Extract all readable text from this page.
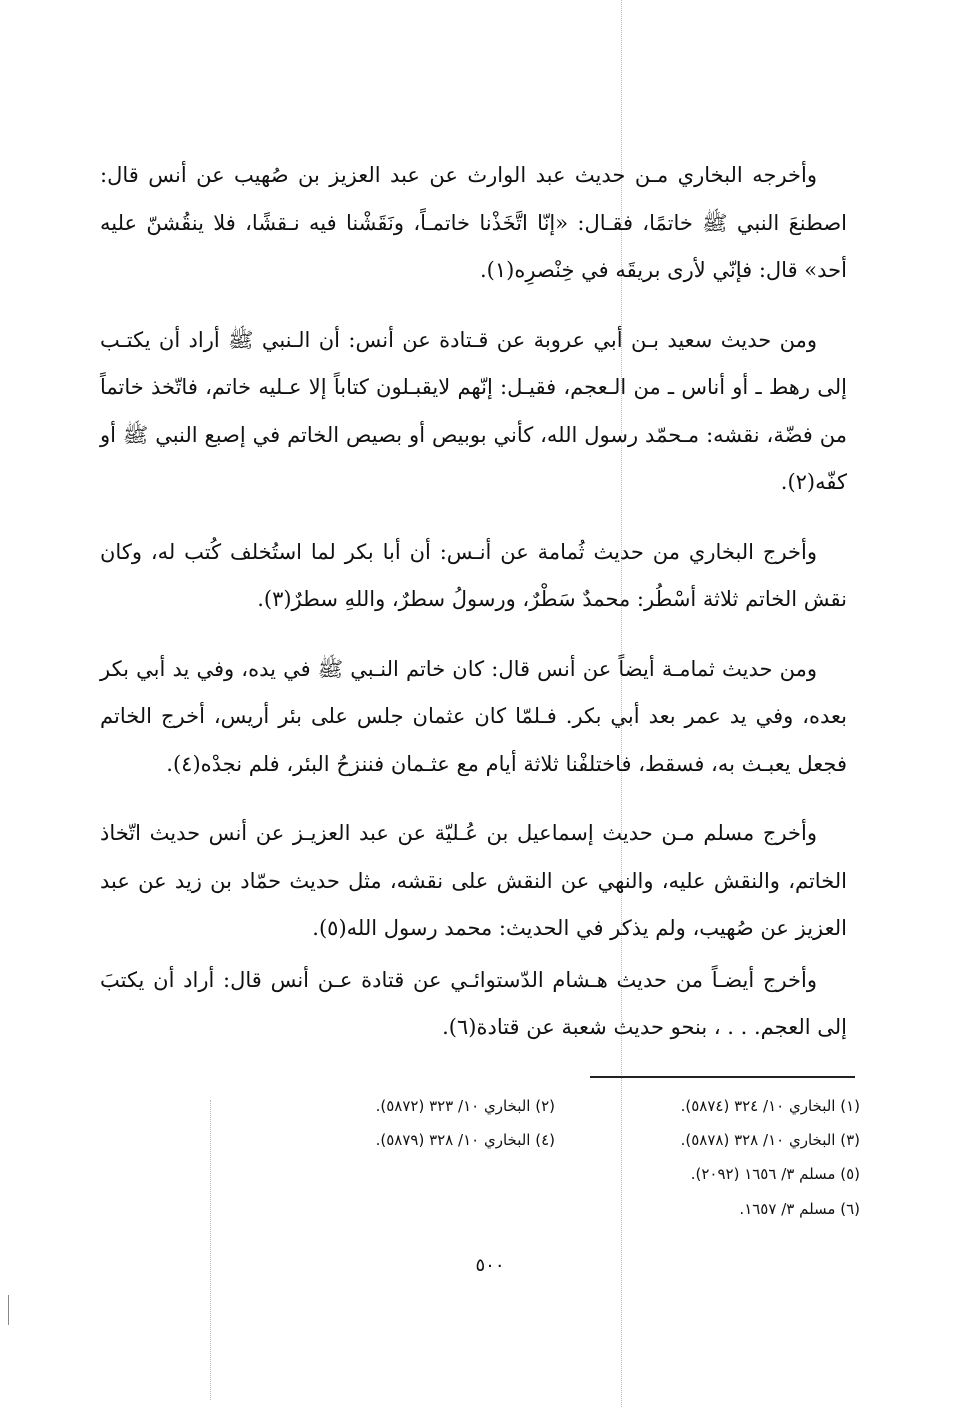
وأخرجه البخاري مـن حديث عبد الوارث عن عبد العزيز بن صُهيب عن أنس قال: اصطنعَ النبي ﷺ خاتمًا، فقـال: «إنّا اتَّخَذْنا خاتمـاً، ونَقَشْنا فيه نـقشًا، فلا ينقُشنّ عليه أحد» قال: فإنّي لأرى بريقَه في خِنْصرِه(١).

ومن حديث سعيد بـن أبي عروبة عن قـتادة عن أنس: أن الـنبي ﷺ أراد أن يكتـب إلى رهط ـ أو أناس ـ من الـعجم، فقيـل: إنّهم لايقبـلون كتاباً إلا عـليه خاتم، فاتّخذ خاتماً من فضّة، نقشه: مـحمّد رسول الله، كأني بوبيص أو بصيص الخاتم في إصبع النبي ﷺ أو كفّه(٢).

وأخرج البخاري من حديث ثُمامة عن أنـس: أن أبا بكر لما استُخلف كُتب له، وكان نقش الخاتم ثلاثة أسْطُر: محمدٌ سَطْرٌ، ورسولُ سطرٌ، واللهِ سطرٌ(٣).

ومن حديث ثمامـة أيضاً عن أنس قال: كان خاتم النـبي ﷺ في يده، وفي يد أبي بكر بعده، وفي يد عمر بعد أبي بكر. فـلمّا كان عثمان جلس على بئر أريس، أخرج الخاتم فجعل يعبـث به، فسقط، فاختلفْنا ثلاثة أيام مع عثـمان فننزحُ البئر، فلم نجدْه(٤).

وأخرج مسلم مـن حديث إسماعيل بن عُـليّة عن عبد العزيـز عن أنس حديث اتّخاذ الخاتم، والنقش عليه، والنهي عن النقش على نقشه، مثل حديث حمّاد بن زيد عن عبد العزيز عن صُهيب، ولم يذكر في الحديث: محمد رسول الله(٥).

وأخرج أيضـاً من حديث هـشام الدّستوائـي عن قتادة عـن أنس قال: أراد أن يكتبَ إلى العجم. . . ، بنحو حديث شعبة عن قتادة(٦).

(١) البخاري ١٠/ ٣٢٤ (٥٨٧٤).
(٢) البخاري ١٠/ ٣٢٣ (٥٨٧٢).
(٣) البخاري ١٠/ ٣٢٨ (٥٨٧٨).
(٤) البخاري ١٠/ ٣٢٨ (٥٨٧٩).
(٥) مسلم ٣/ ١٦٥٦ (٢٠٩٢).
(٦) مسلم ٣/ ١٦٥٧.
٥٠٠
